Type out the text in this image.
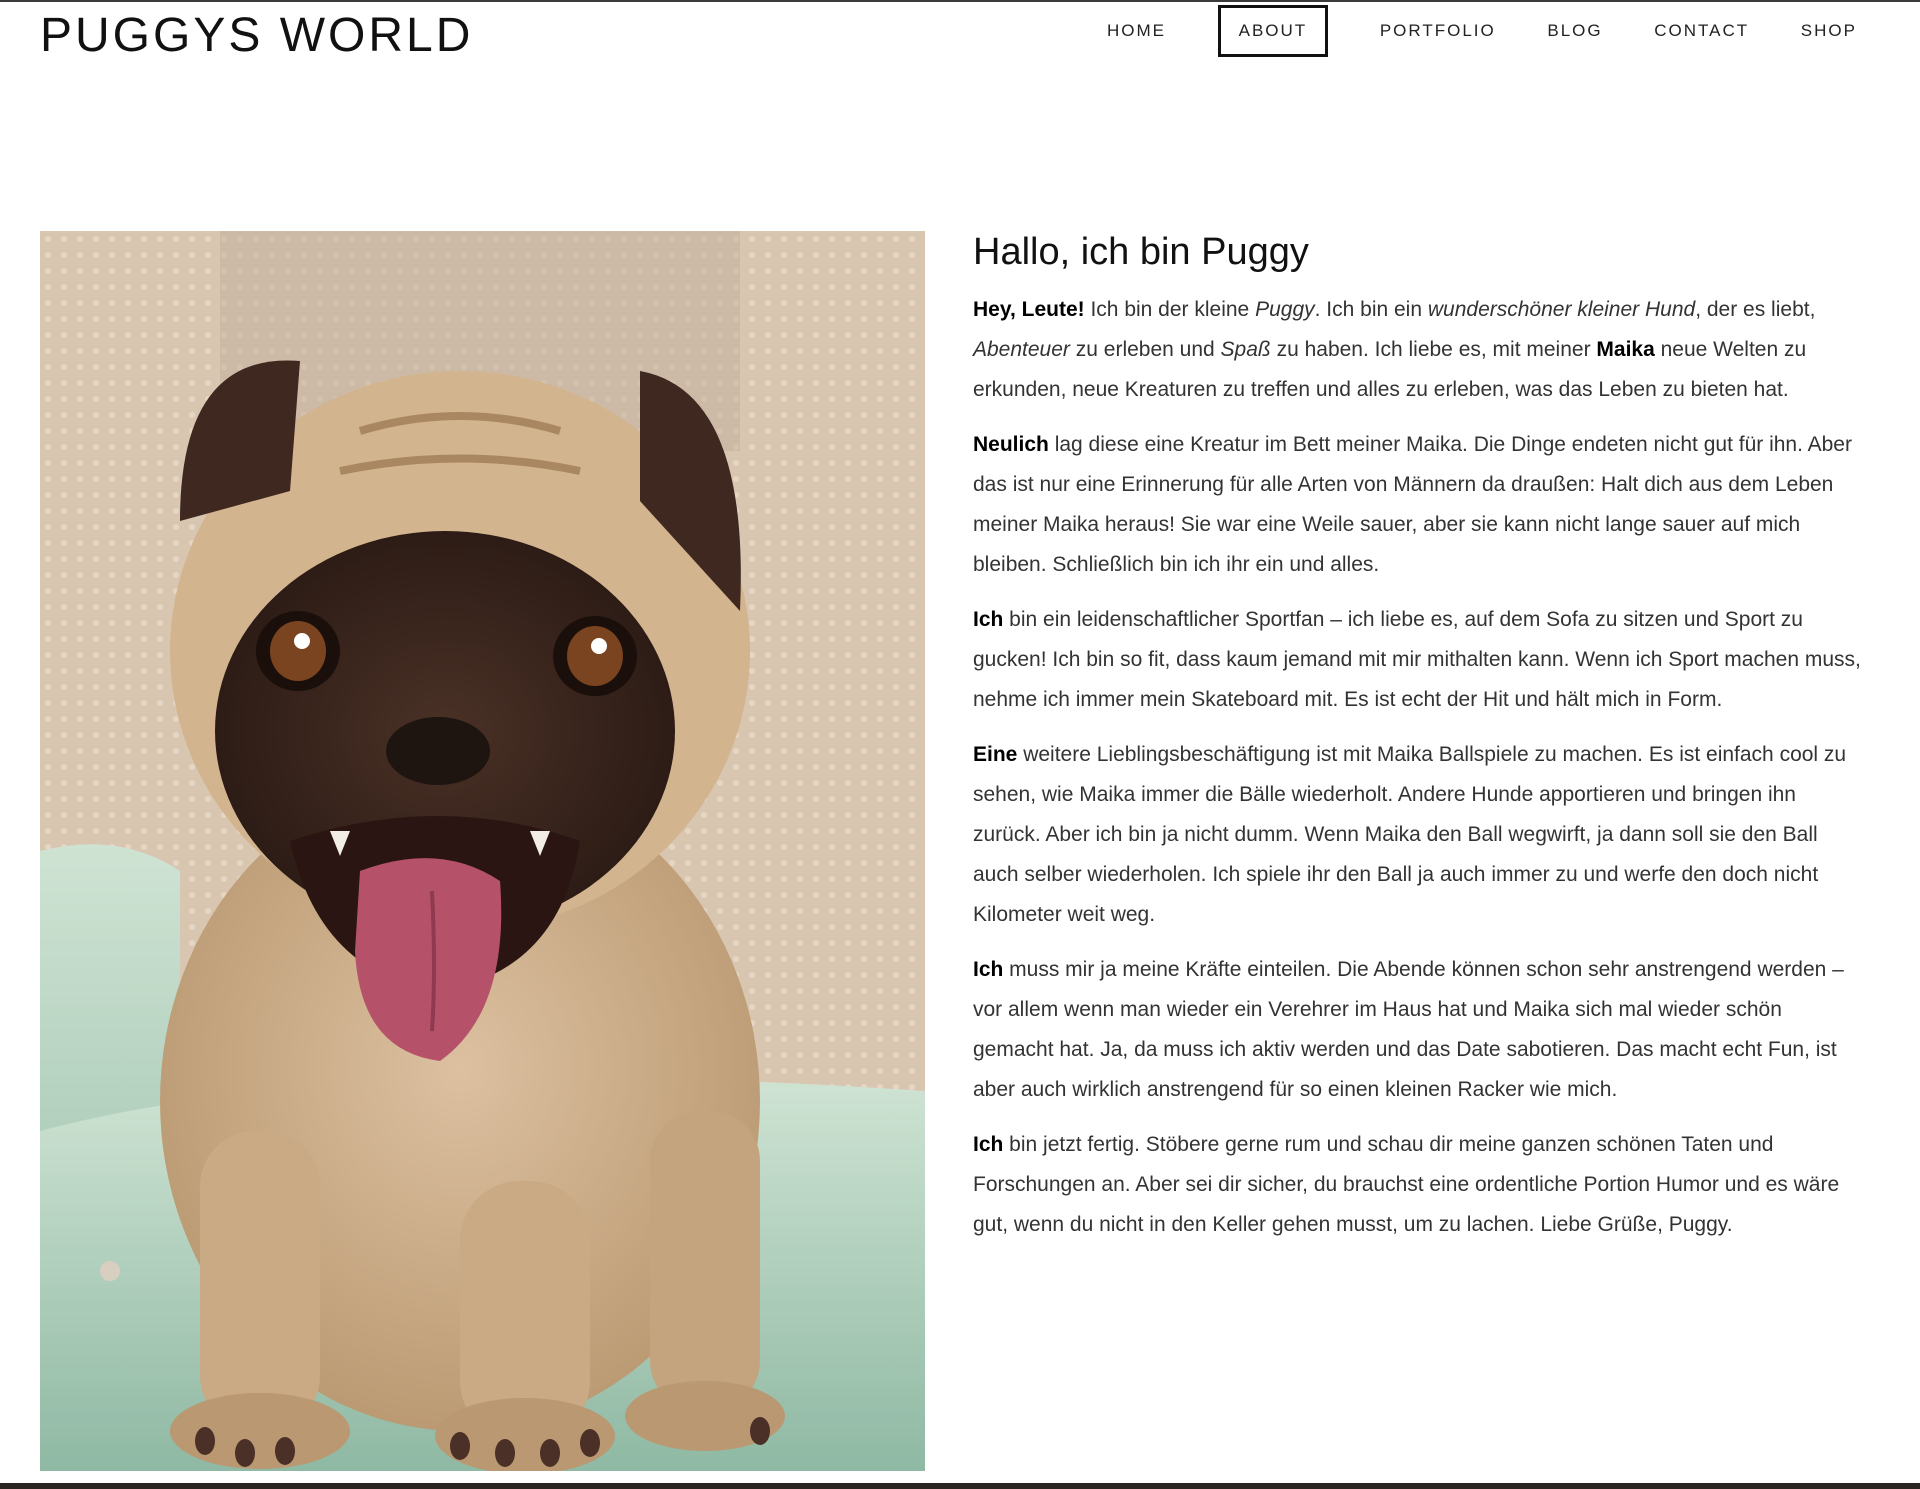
PUGGYS WORLD	HOME	ABOUT	PORTFOLIO	BLOG	CONTACT	SHOP
Hallo, ich bin Puggy

Hey, Leute! Ich bin der kleine Puggy. Ich bin ein wunderschöner kleiner Hund, der es liebt, Abenteuer zu erleben und Spaß zu haben. Ich liebe es, mit meiner Maika neue Welten zu erkunden, neue Kreaturen zu treffen und alles zu erleben, was das Leben zu bieten hat.

Neulich lag diese eine Kreatur im Bett meiner Maika. Die Dinge endeten nicht gut für ihn. Aber das ist nur eine Erinnerung für alle Arten von Männern da draußen: Halt dich aus dem Leben meiner Maika heraus! Sie war eine Weile sauer, aber sie kann nicht lange sauer auf mich bleiben. Schließlich bin ich ihr ein und alles.

Ich bin ein leidenschaftlicher Sportfan – ich liebe es, auf dem Sofa zu sitzen und Sport zu gucken! Ich bin so fit, dass kaum jemand mit mir mithalten kann. Wenn ich Sport machen muss, nehme ich immer mein Skateboard mit. Es ist echt der Hit und hält mich in Form.

Eine weitere Lieblingsbeschäftigung ist mit Maika Ballspiele zu machen. Es ist einfach cool zu sehen, wie Maika immer die Bälle wiederholt. Andere Hunde apportieren und bringen ihn zurück. Aber ich bin ja nicht dumm. Wenn Maika den Ball wegwirft, ja dann soll sie den Ball auch selber wiederholen. Ich spiele ihr den Ball ja auch immer zu und werfe den doch nicht Kilometer weit weg.

Ich muss mir ja meine Kräfte einteilen. Die Abende können schon sehr anstrengend werden – vor allem wenn man wieder ein Verehrer im Haus hat und Maika sich mal wieder schön gemacht hat. Ja, da muss ich aktiv werden und das Date sabotieren. Das macht echt Fun, ist aber auch wirklich anstrengend für so einen kleinen Racker wie mich.

Ich bin jetzt fertig. Stöbere gerne rum und schau dir meine ganzen schönen Taten und Forschungen an. Aber sei dir sicher, du brauchst eine ordentliche Portion Humor und es wäre gut, wenn du nicht in den Keller gehen musst, um zu lachen. Liebe Grüße, Puggy.
